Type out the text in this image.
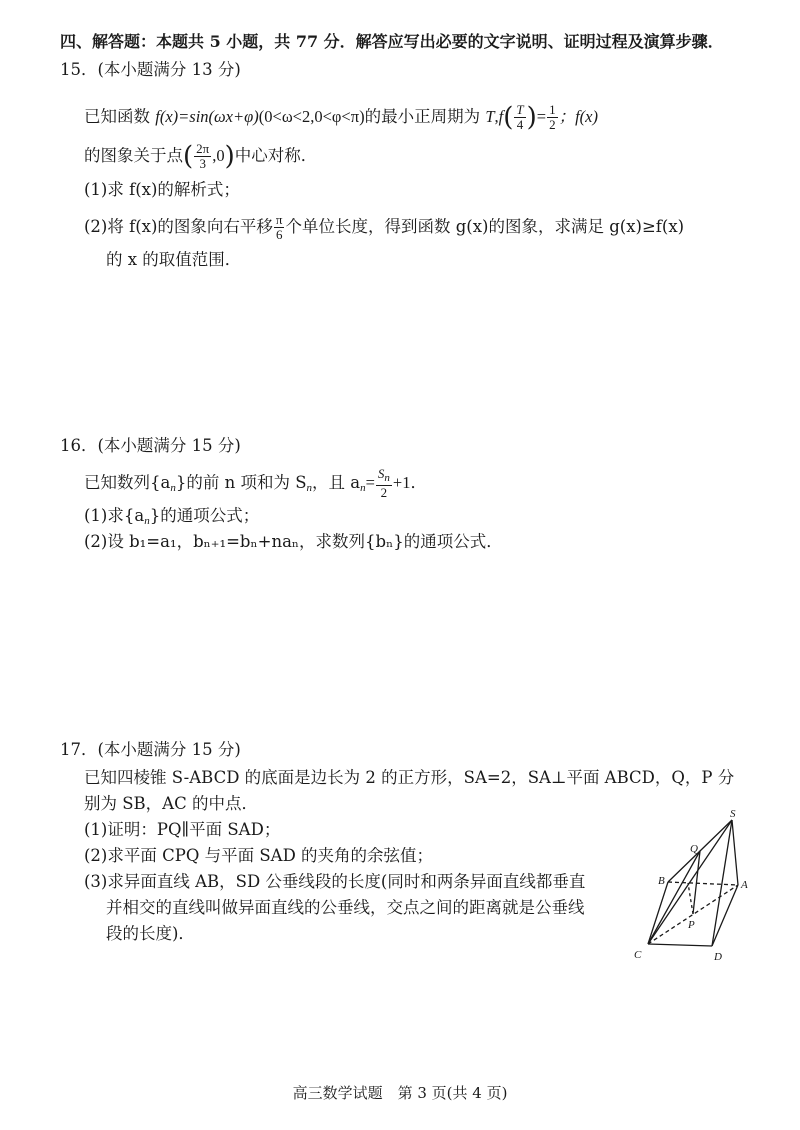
四、解答题：本题共 5 小题，共 77 分．解答应写出必要的文字说明、证明过程及演算步骤．
15．(本小题满分 13 分)
已知函数 f(x)=sin(ωx+φ)(0<ω<2,0<φ<π)的最小正周期为 $T,f( \frac{T}{4}$ )= $\frac{1}{2}$ ；f(x)
的图象关于点( $\frac{2\pi}{3} ,0$)中心对称．
(1)求 f(x)的解析式；
(2)将 f(x)的图象向右平移 $\frac{\pi}{6}$ 个单位长度，得到函数 g(x)的图象，求满足 g(x)≥f(x)
的 x 的取值范围．
16．(本小题满分 15 分)
已知数列$\{a_n\}$的前 n 项和为 $S_n$，且 $a_n= \frac{S_n}{2} +1$．
(1)求$\{a_n\}$的通项公式；
(2)设 b₁=a₁，bₙ₊₁=bₙ+naₙ，求数列{bₙ}的通项公式．
17．(本小题满分 15 分)
已知四棱锥 S-ABCD 的底面是边长为 2 的正方形，SA=2，SA⊥平面 ABCD，Q，P 分
别为 SB，AC 的中点．
(1)证明：PQ∥平面 SAD；
(2)求平面 CPQ 与平面 SAD 的夹角的余弦值；
(3)求异面直线 AB，SD 公垂线段的长度(同时和两条异面直线都垂直
并相交的直线叫做异面直线的公垂线，交点之间的距离就是公垂线
段的长度)．
S
Q
B	A
P
C	D
高三数学试题　第 3 页(共 4 页)
